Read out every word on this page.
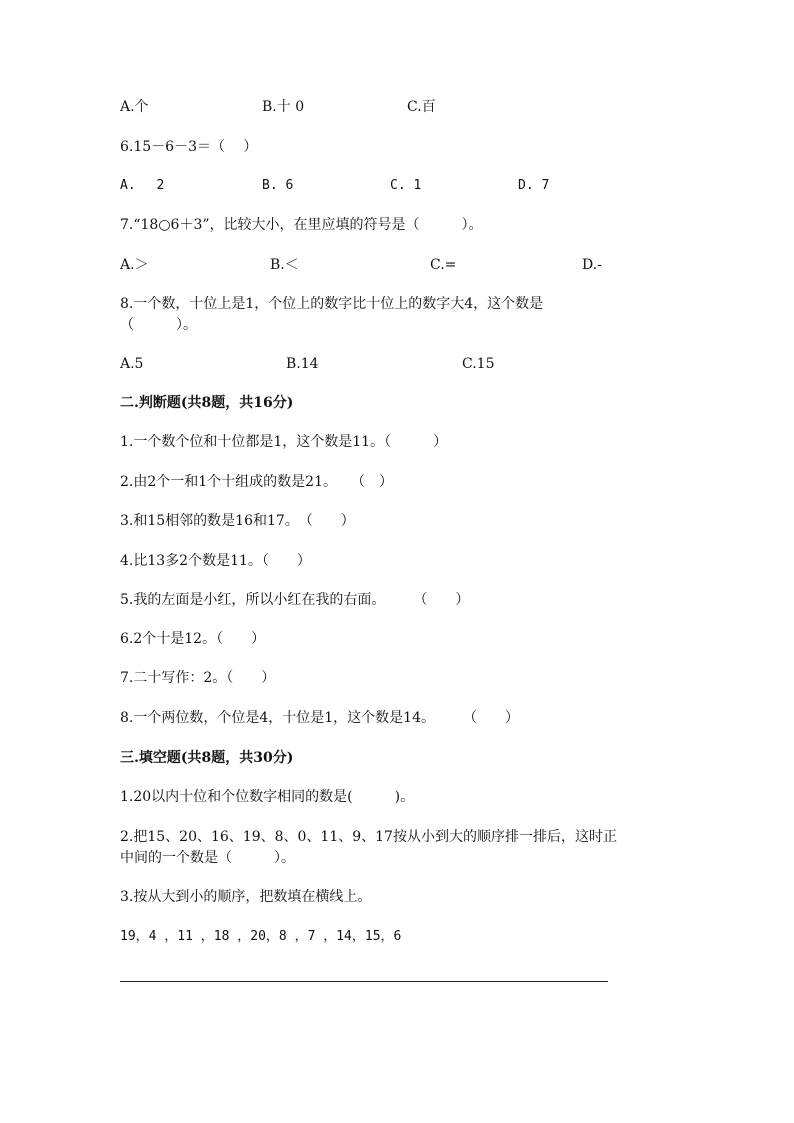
A.个	B.十 0	C.百
6.15－6－3＝（　 ）
A.　 2	B. 6	C. 1	D. 7
7.“18○6＋3”，比较大小，在里应填的符号是（　　　）。
A.＞	B.＜	C.=	D.-
8.一个数，十位上是1，个位上的数字比十位上的数字大4，这个数是
（　　　）。
A.5	B.14	C.15
二.判断题(共8题，共16分)
1.一个数个位和十位都是1，这个数是11。（　　　）
2.由2个一和1个十组成的数是21。　　（　）
3.和15相邻的数是16和17。　（　　）
4.比13多2个数是11。（　　）
5.我的左面是小红，所以小红在我的右面。　　　（　　）
6.2个十是12。（　　）
7.二十写作：2。（　　）
8.一个两位数，个位是4，十位是1，这个数是14。　　　（　　）
三.填空题(共8题，共30分)
1.20以内十位和个位数字相同的数是(　　　)。
2.把15、20、16、19、8、0、11、9、17按从小到大的顺序排一排后，这时正
中间的一个数是（　　　）。
3.按从大到小的顺序，把数填在横线上。
19，4 ，11 ，18 ，20，8 ，7 ，14，15，6
